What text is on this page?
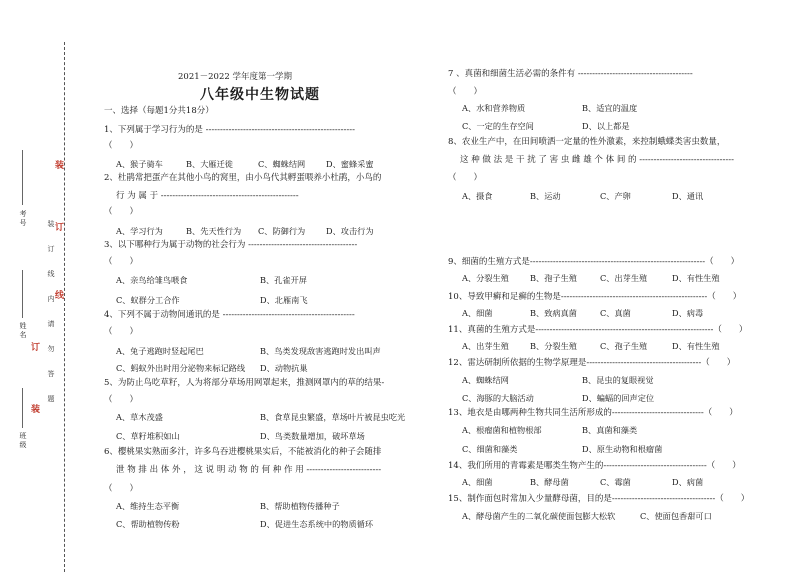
装订线内请勿答题
装
订
线
装
订
考号
姓名
班级
2021－2022 学年度第一学期
八年级中生物试题
一、选择（每题1分共18分）
1、下列属于学习行为的是 ----------------------------------------------------
（　　）
A、猴子骑车	B、大雁迁徙	C、蜘蛛结网	D、蜜蜂采蜜
2、杜鹃常把蛋产在其他小鸟的窝里，由小鸟代其孵蛋喂养小杜鹃，小鸟的
行 为 属 于 ------------------------------------------------
（　　）
A、学习行为	B、先天性行为 C、防御行为	D、攻击行为
3、以下哪种行为属于动物的社会行为 --------------------------------------
（　　）
A、亲鸟给雏鸟喂食	B、孔雀开屏
C、蚁群分工合作	D、北雁南飞
4、下列不属于动物间通讯的是 ----------------------------------------------
（　　）
A、兔子逃跑时竖起尾巴	B、鸟类发现敌害逃跑时发出叫声
C、蚂蚁外出时用分泌物来标记路线 D、动物抗巢
5、为防止鸟吃草籽，人为将部分草场用网罩起来，推测网罩内的草的结果-
（　　）
A、草木茂盛	B、食草昆虫繁盛，草场叶片被昆虫吃光
C、草籽堆积如山	D、鸟类数量增加，破坏草场
6、樱桃果实熟面多汁，许多鸟吞进樱桃果实后，不能被消化的种子会随排
泄 物 排 出 体 外 ， 这 说 明 动 物 的 何 种 作 用 --------------------------
（　　）
A、维持生态平衡	B、帮助植物传播种子
C、帮助植物传粉	D、促进生态系统中的物质循环
7 、真菌和细菌生活必需的条件有 ----------------------------------------
（　　）
A、水和营养物质	B、适宜的温度
C、一定的生存空间	D、以上都是
8、农业生产中，在田间喷洒一定量的性外激素，来控制蛾蝶类害虫数量，
这 种 做 法 是 干 扰 了 害 虫 雌 雄 个 体 间 的 ---------------------------------
（　　）
A、摄食	B、运动	C、产卵	D、通讯
9、细菌的生殖方式是-------------------------------------------------------------（　　）
A、分裂生殖	B、孢子生殖	C、出芽生殖	D、有性生殖
10、导致甲癣和足癣的生物是---------------------------------------------------（　　）
A、细菌	B、致病真菌	C、真菌	D、病毒
11、真菌的生殖方式是--------------------------------------------------------------（　　）
A、出芽生殖	B、分裂生殖	C、孢子生殖	D、有性生殖
12、雷达研制所依据的生物学原理是----------------------------------------（　　）
A、蜘蛛结网	B、昆虫的复眼视觉
C、海豚的大脑活动	D、蝙蝠的回声定位
13、地衣是由哪两种生物共同生活所形成的--------------------------------（　　）
A、根瘤菌和植物根部	B、真菌和藻类
C、细菌和藻类	D、原生动物和根瘤菌
14、我们所用的青霉素是哪类生物产生的------------------------------------（　　）
A、细菌	B、酵母菌	C、霉菌	D、病菌
15、制作面包时常加入少量酵母菌，目的是------------------------------------（　　）
A、酵母菌产生的二氧化碳使面包膨大松软	C、使面包香甜可口
